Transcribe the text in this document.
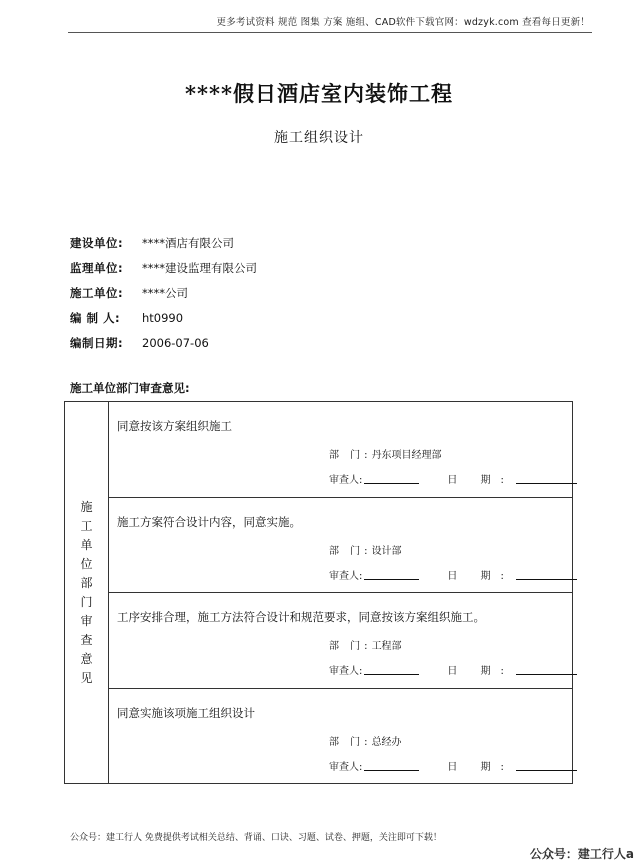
更多考试资料 规范 图集 方案 施组、CAD软件下载官网：wdzyk.com 查看每日更新！
****假日酒店室内装饰工程
施工组织设计
建设单位:	****酒店有限公司
监理单位:	****建设监理有限公司
施工单位:	****公司
编 制 人:	ht0990
编制日期:	2006-07-06
施工单位部门审查意见:
施
工
单
位
部
门
审
查
意
见
同意按该方案组织施工
部 门:丹东项目经理部
审查人:	日 期:
施工方案符合设计内容，同意实施。
部 门:设计部
审查人:	日 期:
工序安排合理，施工方法符合设计和规范要求，同意按该方案组织施工。
部 门:工程部
审查人:	日 期:
同意实施该项施工组织设计
部 门:总经办
审查人:	日 期:
公众号：建工行人 免费提供考试相关总结、背诵、口诀、习题、试卷、押题，关注即可下载！
公众号：建工行人a
